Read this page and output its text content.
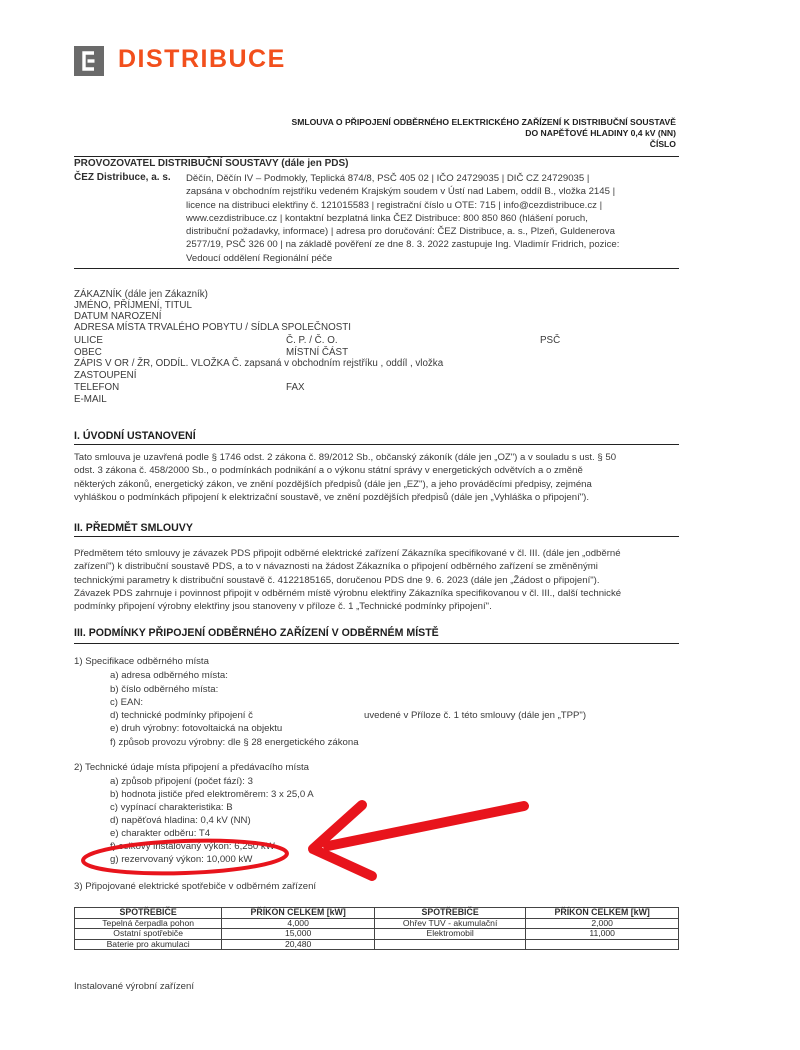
DISTRIBUCE
SMLOUVA O PŘIPOJENÍ ODBĚRNÉHO ELEKTRICKÉHO ZAŘÍZENÍ K DISTRIBUČNÍ SOUSTAVĚ
DO NAPĚŤOVÉ HLADINY 0,4 kV (NN)
ČÍSLO
PROVOZOVATEL DISTRIBUČNÍ SOUSTAVY (dále jen PDS)
ČEZ Distribuce, a. s. Děčín, Děčín IV – Podmokly, Teplická 874/8, PSČ 405 02 | IČO 24729035 | DIČ CZ 24729035 |
zapsána v obchodním rejstříku vedeném Krajským soudem v Ústí nad Labem, oddíl B., vložka 2145 |
licence na distribuci elektřiny č. 121015583 | registrační číslo u OTE: 715 | info@cezdistribuce.cz |
www.cezdistribuce.cz | kontaktní bezplatná linka ČEZ Distribuce: 800 850 860 (hlášení poruch,
distribuční požadavky, informace) | adresa pro doručování: ČEZ Distribuce, a. s., Plzeň, Guldenerova
2577/19, PSČ 326 00 | na základě pověření ze dne 8. 3. 2022 zastupuje Ing. Vladimír Fridrich, pozice:
Vedoucí oddělení Regionální péče
ZÁKAZNÍK (dále jen Zákazník)
JMÉNO, PŘÍJMENÍ, TITUL
DATUM NAROZENÍ
ADRESA MÍSTA TRVALÉHO POBYTU / SÍDLA SPOLEČNOSTI
ULICE	Č. P. / Č. O.	PSČ
OBEC	MÍSTNÍ ČÁST
ZÁPIS V OR / ŽR, ODDÍL. VLOŽKA Č. zapsaná v obchodním rejstříku , oddíl , vložka
ZASTOUPENÍ
TELEFON	FAX
E-MAIL
I. ÚVODNÍ USTANOVENÍ
Tato smlouva je uzavřená podle § 1746 odst. 2 zákona č. 89/2012 Sb., občanský zákoník (dále jen „OZ") a v souladu s ust. § 50
odst. 3 zákona č. 458/2000 Sb., o podmínkách podnikání a o výkonu státní správy v energetických odvětvích a o změně
některých zákonů, energetický zákon, ve znění pozdějších předpisů (dále jen „EZ"), a jeho prováděcími předpisy, zejména
vyhláškou o podmínkách připojení k elektrizační soustavě, ve znění pozdějších předpisů (dále jen „Vyhláška o připojení").
II. PŘEDMĚT SMLOUVY
Předmětem této smlouvy je závazek PDS připojit odběrné elektrické zařízení Zákazníka specifikované v čl. III. (dále jen „odběrné
zařízení") k distribuční soustavě PDS, a to v návaznosti na žádost Zákazníka o připojení odběrného zařízení se změněnými
technickými parametry k distribuční soustavě č. 4122185165, doručenou PDS dne 9. 6. 2023 (dále jen „Žádost o připojení").
Závazek PDS zahrnuje i povinnost připojit v odběrném místě výrobnu elektřiny Zákazníka specifikovanou v čl. III., další technické
podmínky připojení výrobny elektřiny jsou stanoveny v příloze č. 1 „Technické podmínky připojení".
III. PODMÍNKY PŘIPOJENÍ ODBĚRNÉHO ZAŘÍZENÍ V ODBĚRNÉM MÍSTĚ
1) Specifikace odběrného místa
a) adresa odběrného místa:
b) číslo odběrného místa:
c) EAN:
d) technické podmínky připojení č	uvedené v Příloze č. 1 této smlouvy (dále jen „TPP")
e) druh výrobny: fotovoltaická na objektu
f) způsob provozu výrobny: dle § 28 energetického zákona
2) Technické údaje místa připojení a předávacího místa
a) způsob připojení (počet fází): 3
b) hodnota jističe před elektroměrem: 3 x 25,0 A
c) vypínací charakteristika: B
d) napěťová hladina: 0,4 kV (NN)
e) charakter odběru: T4
f) celkový instalovaný výkon: 6,250 kW
g) rezervovaný výkon: 10,000 kW
3) Připojované elektrické spotřebiče v odběrném zařízení
SPOTŘEBIČE	PŘÍKON CELKEM [kW]	SPOTŘEBIČE	PŘÍKON CELKEM [kW]
Tepelná čerpadla pohon	4,000	Ohřev TUV - akumulační	2,000
Ostatní spotřebiče	15,000	Elektromobil	11,000
Baterie pro akumulaci	20,480		
Instalované výrobní zařízení
